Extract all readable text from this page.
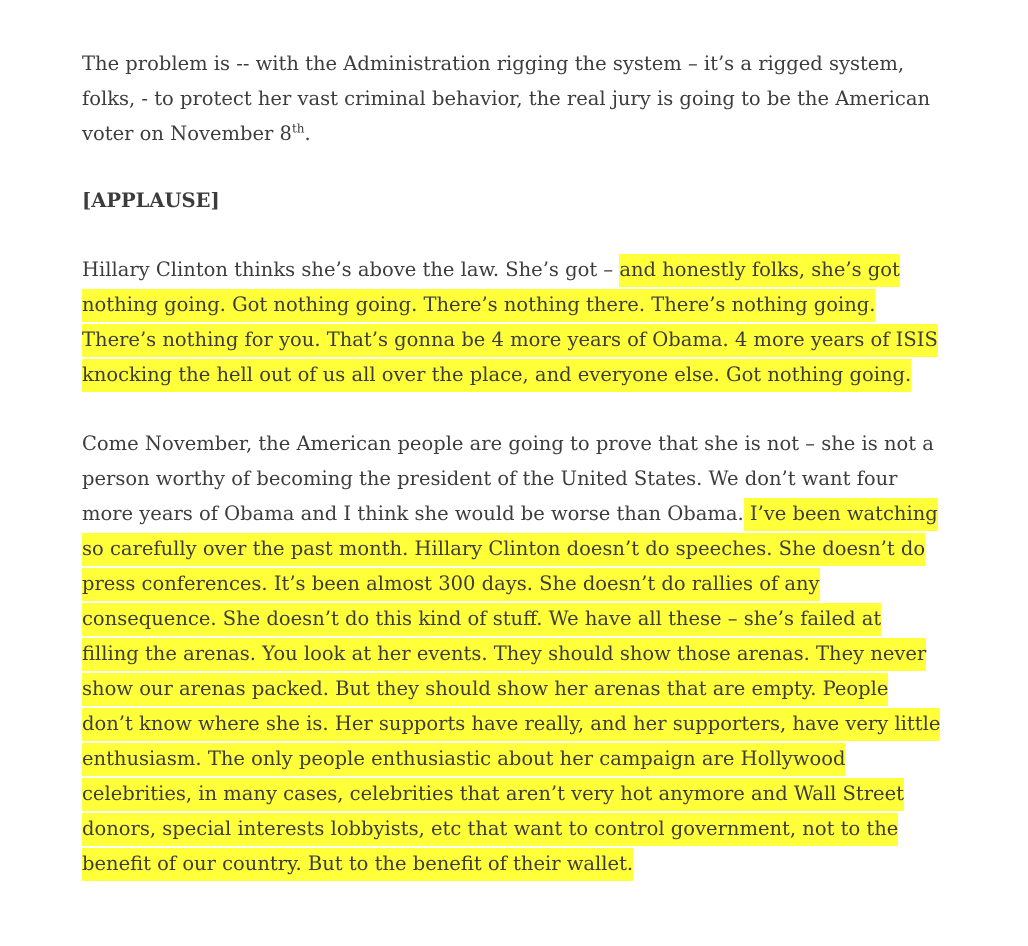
The problem is -- with the Administration rigging the system – it’s a rigged system, folks, - to protect her vast criminal behavior, the real jury is going to be the American voter on November 8th.

[APPLAUSE]

Hillary Clinton thinks she’s above the law. She’s got – and honestly folks, she’s got nothing going. Got nothing going. There’s nothing there. There’s nothing going. There’s nothing for you. That’s gonna be 4 more years of Obama. 4 more years of ISIS knocking the hell out of us all over the place, and everyone else. Got nothing going.

Come November, the American people are going to prove that she is not – she is not a person worthy of becoming the president of the United States. We don’t want four more years of Obama and I think she would be worse than Obama. I’ve been watching so carefully over the past month. Hillary Clinton doesn’t do speeches. She doesn’t do press conferences. It’s been almost 300 days. She doesn’t do rallies of any consequence. She doesn’t do this kind of stuff. We have all these – she’s failed at filling the arenas. You look at her events. They should show those arenas. They never show our arenas packed. But they should show her arenas that are empty. People don’t know where she is. Her supports have really, and her supporters, have very little enthusiasm. The only people enthusiastic about her campaign are Hollywood celebrities, in many cases, celebrities that aren’t very hot anymore and Wall Street donors, special interests lobbyists, etc that want to control government, not to the benefit of our country. But to the benefit of their wallet.
